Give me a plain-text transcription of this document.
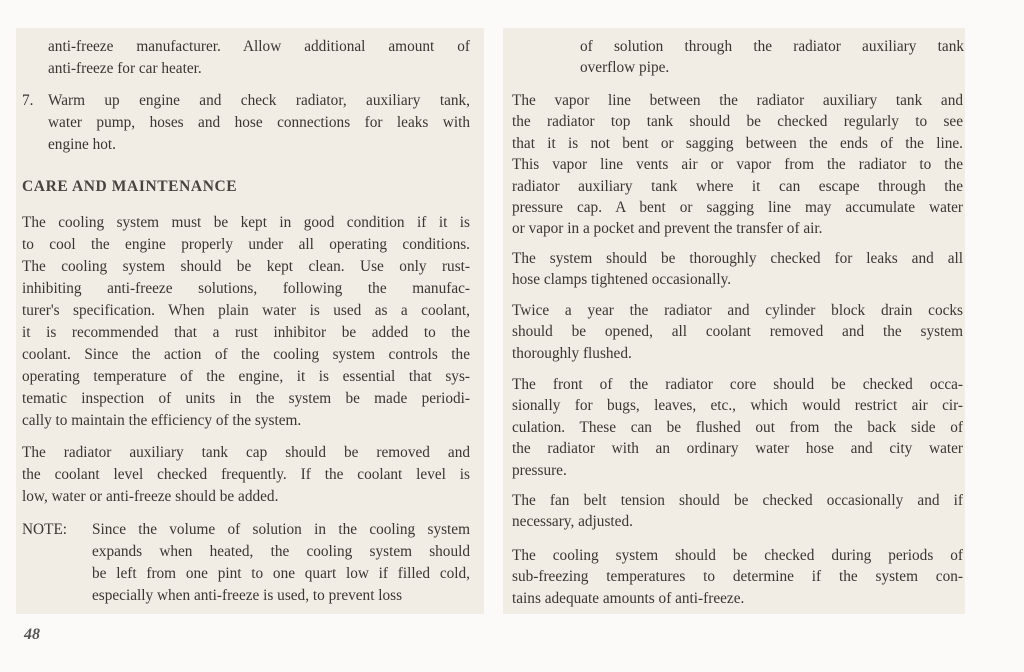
anti-freeze manufacturer. Allow additional amount of
anti-freeze for car heater.
7. Warm up engine and check radiator, auxiliary tank,
water pump, hoses and hose connections for leaks with
engine hot.
CARE AND MAINTENANCE
The cooling system must be kept in good condition if it is
to cool the engine properly under all operating conditions.
The cooling system should be kept clean. Use only rust-
inhibiting anti-freeze solutions, following the manufac-
turer's specification. When plain water is used as a coolant,
it is recommended that a rust inhibitor be added to the
coolant. Since the action of the cooling system controls the
operating temperature of the engine, it is essential that sys-
tematic inspection of units in the system be made periodi-
cally to maintain the efficiency of the system.
The radiator auxiliary tank cap should be removed and
the coolant level checked frequently. If the coolant level is
low, water or anti-freeze should be added.
NOTE: Since the volume of solution in the cooling system
expands when heated, the cooling system should
be left from one pint to one quart low if filled cold,
especially when anti-freeze is used, to prevent loss
of solution through the radiator auxiliary tank
overflow pipe.
The vapor line between the radiator auxiliary tank and
the radiator top tank should be checked regularly to see
that it is not bent or sagging between the ends of the line.
This vapor line vents air or vapor from the radiator to the
radiator auxiliary tank where it can escape through the
pressure cap. A bent or sagging line may accumulate water
or vapor in a pocket and prevent the transfer of air.
The system should be thoroughly checked for leaks and all
hose clamps tightened occasionally.
Twice a year the radiator and cylinder block drain cocks
should be opened, all coolant removed and the system
thoroughly flushed.
The front of the radiator core should be checked occa-
sionally for bugs, leaves, etc., which would restrict air cir-
culation. These can be flushed out from the back side of
the radiator with an ordinary water hose and city water
pressure.
The fan belt tension should be checked occasionally and if
necessary, adjusted.
The cooling system should be checked during periods of
sub-freezing temperatures to determine if the system con-
tains adequate amounts of anti-freeze.
48
